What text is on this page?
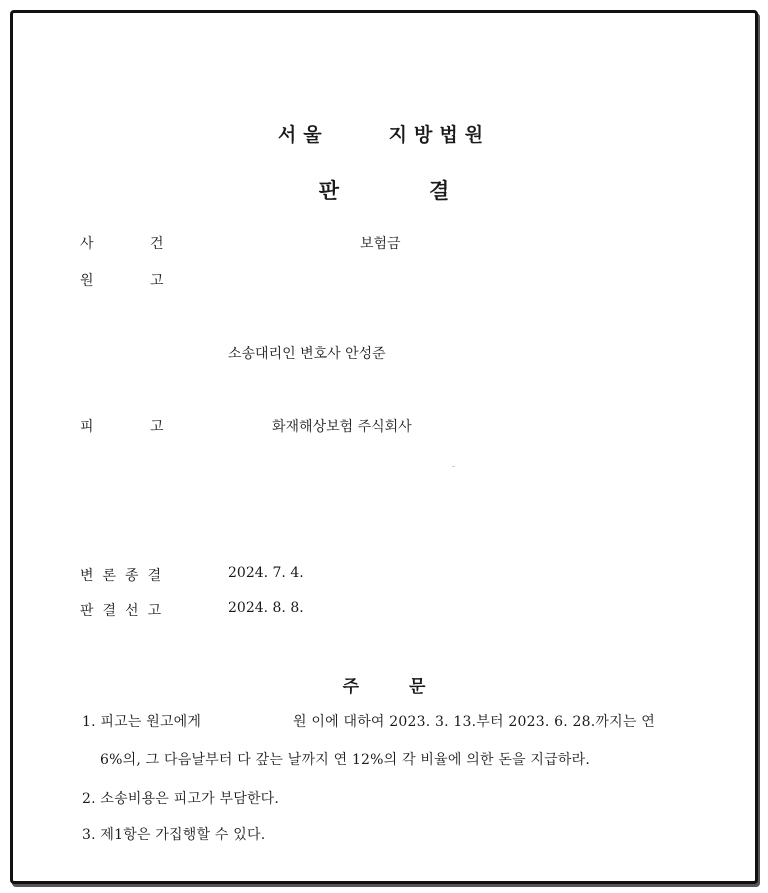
서울	지방법원
판	결
사	건	보험금
원	고
소송대리인 변호사 안성준
피	고	화재해상보험 주식회사
변론종결	2024. 7. 4.
판결선고	2024. 8. 8.
주	문
1. 피고는 원고에게	원 이에 대하여 2023. 3. 13.부터 2023. 6. 28.까지는 연
6%의, 그 다음날부터 다 갚는 날까지 연 12%의 각 비율에 의한 돈을 지급하라.
2. 소송비용은 피고가 부담한다.
3. 제1항은 가집행할 수 있다.
